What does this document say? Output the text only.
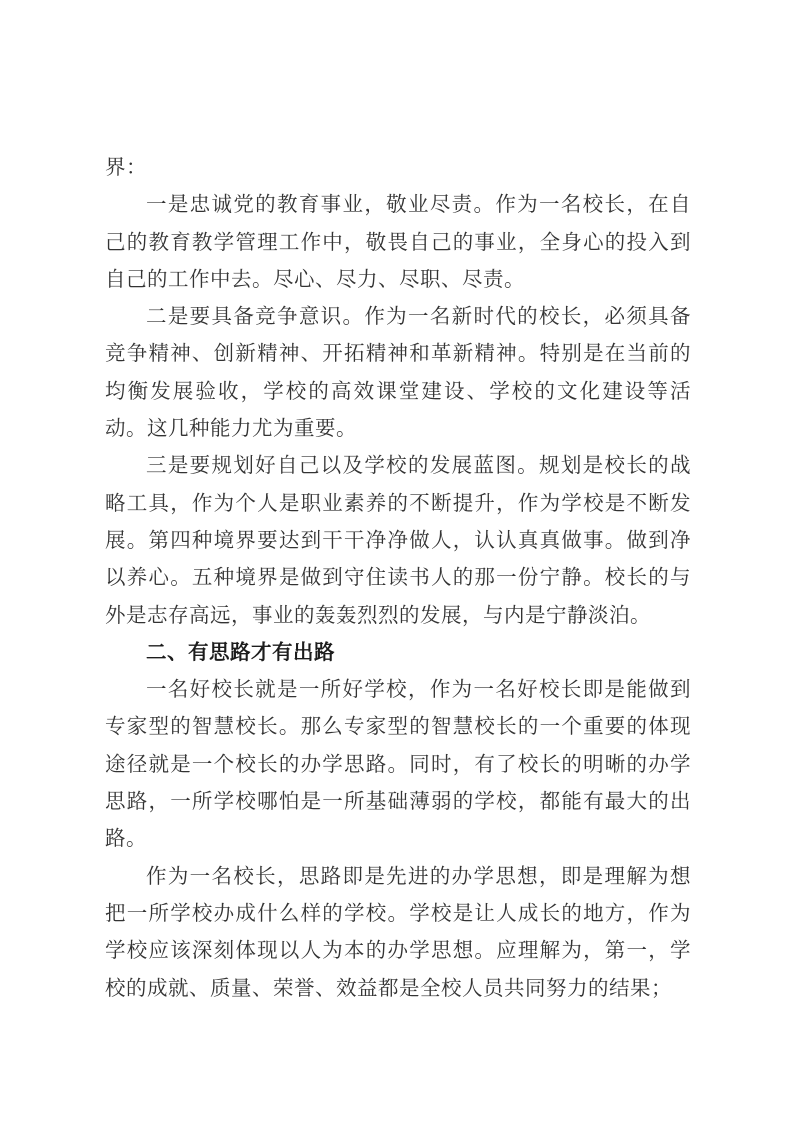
界：

一是忠诚党的教育事业，敬业尽责。作为一名校长，在自己的教育教学管理工作中，敬畏自己的事业，全身心的投入到自己的工作中去。尽心、尽力、尽职、尽责。

二是要具备竞争意识。作为一名新时代的校长，必须具备竞争精神、创新精神、开拓精神和革新精神。特别是在当前的均衡发展验收，学校的高效课堂建设、学校的文化建设等活动。这几种能力尤为重要。

三是要规划好自己以及学校的发展蓝图。规划是校长的战略工具，作为个人是职业素养的不断提升，作为学校是不断发展。第四种境界要达到干干净净做人，认认真真做事。做到净以养心。五种境界是做到守住读书人的那一份宁静。校长的与外是志存高远，事业的轰轰烈烈的发展，与内是宁静淡泊。

二、有思路才有出路

一名好校长就是一所好学校，作为一名好校长即是能做到专家型的智慧校长。那么专家型的智慧校长的一个重要的体现途径就是一个校长的办学思路。同时，有了校长的明晰的办学思路，一所学校哪怕是一所基础薄弱的学校，都能有最大的出路。

作为一名校长，思路即是先进的办学思想，即是理解为想把一所学校办成什么样的学校。学校是让人成长的地方，作为学校应该深刻体现以人为本的办学思想。应理解为，第一，学校的成就、质量、荣誉、效益都是全校人员共同努力的结果；
